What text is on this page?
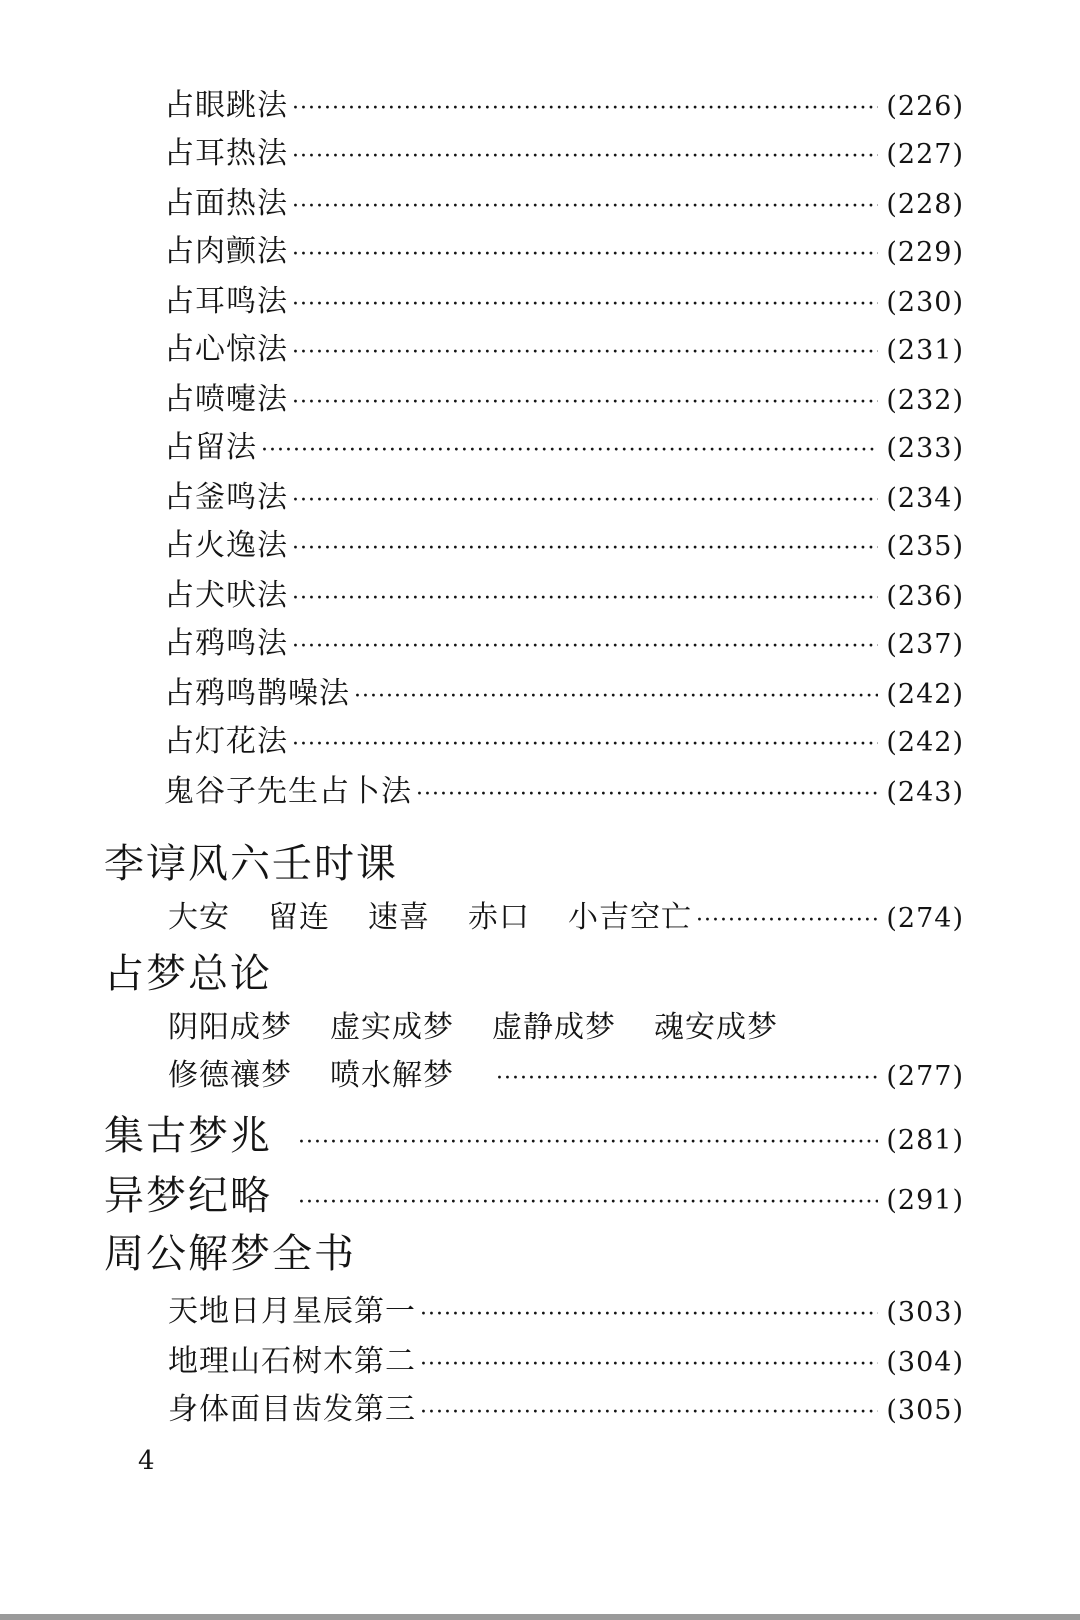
占眼跳法 ·····	(226)
占耳热法 ·····	(227)
占面热法 ·····	(228)
占肉颤法 ·····	(229)
占耳鸣法 ·····	(230)
占心惊法 ·····	(231)
占喷嚏法 ·····	(232)
占留法 ·····	(233)
占釜鸣法 ·····	(234)
占火逸法 ·····	(235)
占犬吠法 ·····	(236)
占鸦鸣法 ·····	(237)
占鸦鸣鹊噪法 ·····	(242)
占灯花法 ·····	(242)
鬼谷子先生占卜法 ·····	(243)
李谆风六壬时课
大安 留连 速喜 赤口 小吉空亡 ·····	(274)
占梦总论
阴阳成梦 虚实成梦 虚静成梦 魂安成梦
修德禳梦 喷水解梦 ·····	(277)
集古梦兆 ·····	(281)
异梦纪略 ·····	(291)
周公解梦全书
天地日月星辰第一 ·····	(303)
地理山石树木第二 ·····	(304)
身体面目齿发第三 ·····	(305)
4
